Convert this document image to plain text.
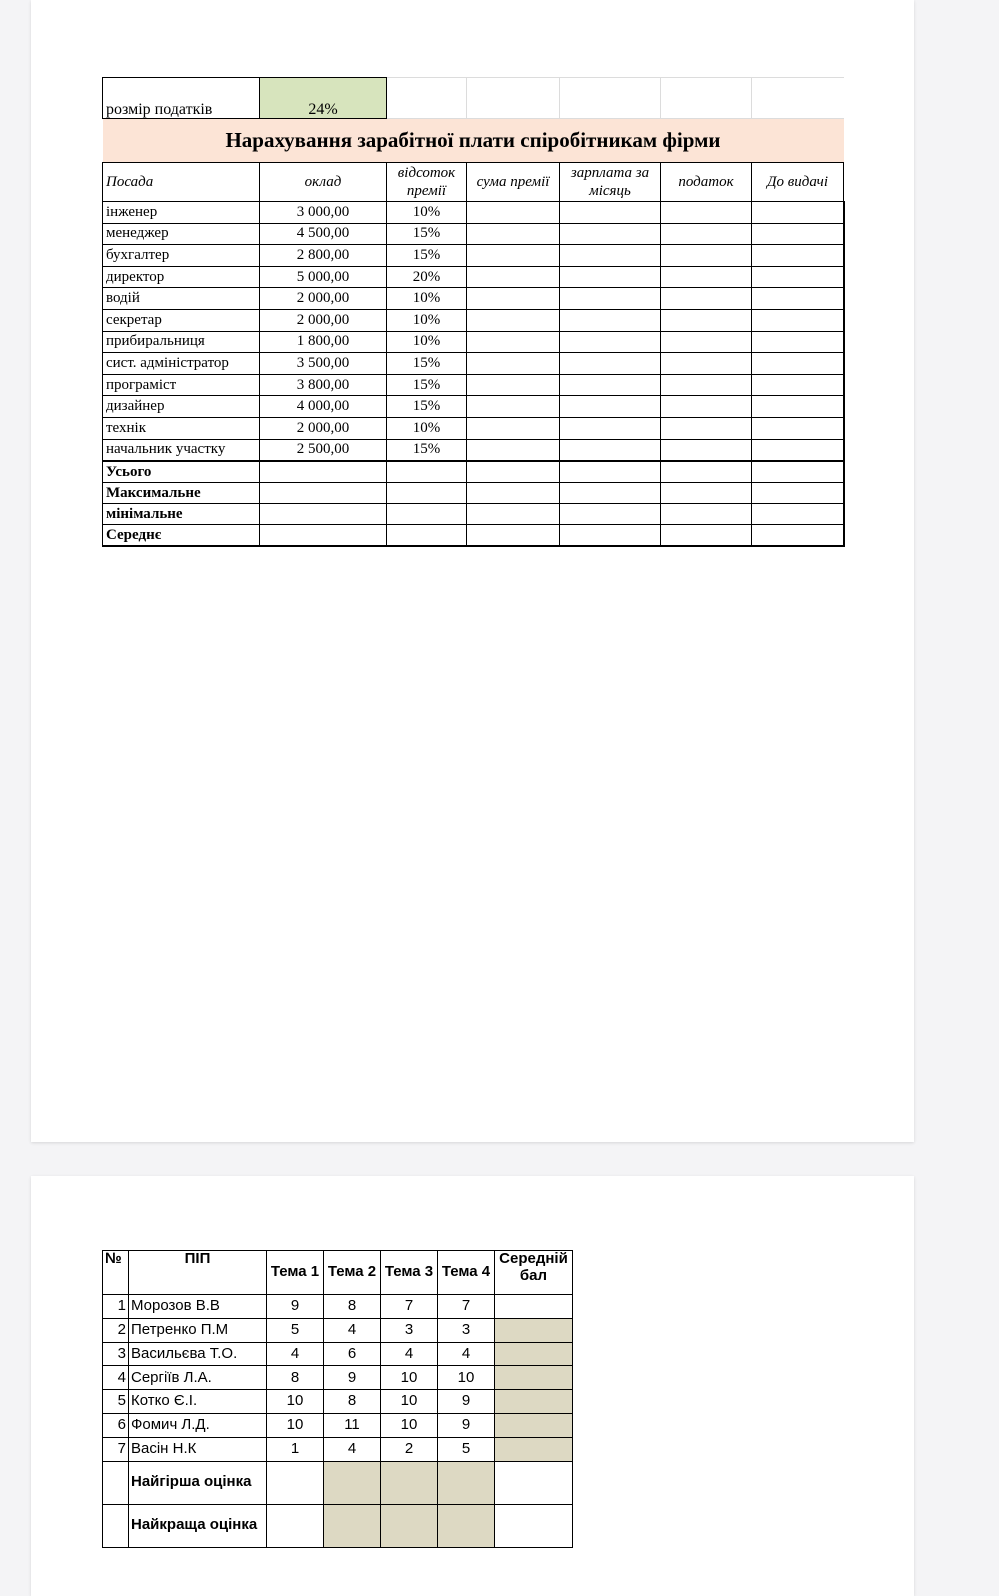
розмір податків	24%					
Нарахування зарабітної плати спіробітникам фірми						
Посада	оклад	відсоток премії	сума премії	зарплата за місяць	податок	До видачі
інженер	3 000,00	10%				
менеджер	4 500,00	15%				
бухгалтер	2 800,00	15%				
директор	5 000,00	20%				
водій	2 000,00	10%				
секретар	2 000,00	10%				
прибиральниця	1 800,00	10%				
сист. адміністратор	3 500,00	15%				
програміст	3 800,00	15%				
дизайнер	4 000,00	15%				
технік	2 000,00	10%				
начальник участку	2 500,00	15%				
Усього						
Максимальне						
мінімальне						
Середнє						
№	ПІП	Тема 1	Тема 2	Тема 3	Тема 4	Середній бал
1	Морозов В.В	9	8	7	7	
2	Петренко П.М	5	4	3	3	
3	Васильєва Т.О.	4	6	4	4	
4	Сергіїв Л.А.	8	9	10	10	
5	Котко Є.І.	10	8	10	9	
6	Фомич Л.Д.	10	11	10	9	
7	Васін Н.К	1	4	2	5	
	Найгірша оцінка					
	Найкраща оцінка					
